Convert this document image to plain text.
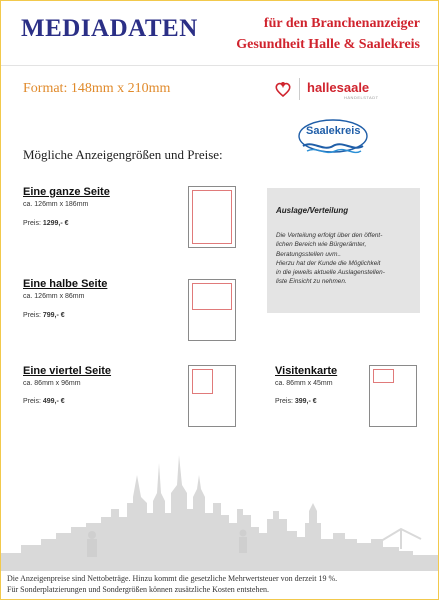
MEDIADATEN	für den Branchenanzeiger
Gesundheit Halle & Saalekreis
Format: 148mm x 210mm	hallesaale
HÄNDELSTADT
Saalekreis
Mögliche Anzeigengrößen und Preise:
Eine ganze Seite
ca. 126mm x 186mm
Preis: 1299,- €
Eine halbe Seite
ca. 126mm x 86mm
Preis: 799,- €
Eine viertel Seite
ca. 86mm x 96mm
Preis: 499,- €
Visitenkarte
ca. 86mm x 45mm
Preis: 399,- €
Auslage/Verteilung
Die Verteilung erfolgt über den öffent-
lichen Bereich wie Bürgerämter,
Beratungsstellen uvm..
Hierzu hat der Kunde die Möglichkeit
in die jeweils aktuelle Auslagenstellen-
liste Einsicht zu nehmen.
Die Anzeigenpreise sind Nettobeträge. Hinzu kommt die gesetzliche Mehrwertsteuer von derzeit 19 %.
Für Sonderplatzierungen und Sondergrößen können zusätzliche Kosten entstehen.
